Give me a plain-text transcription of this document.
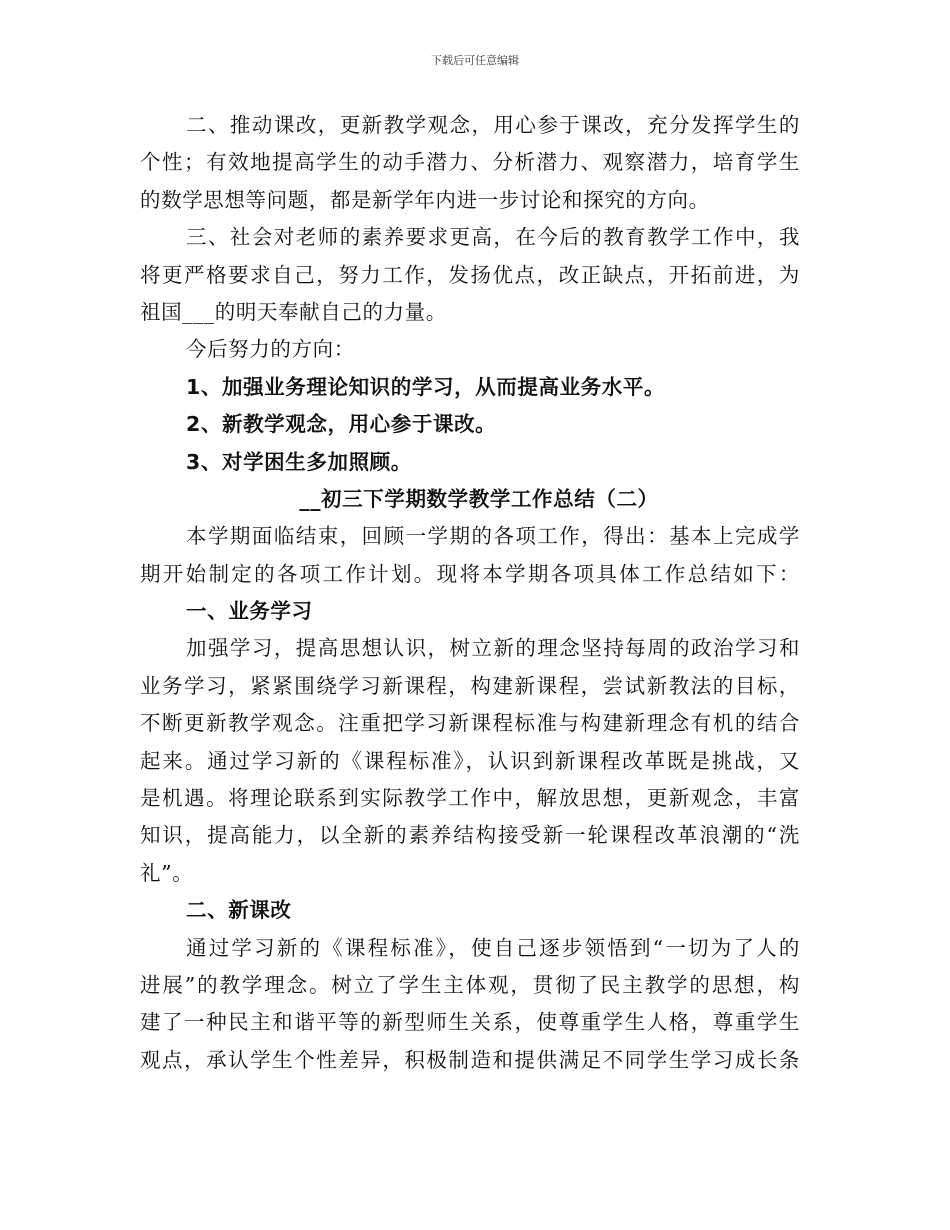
下载后可任意编辑
二、推动课改，更新教学观念，用心参于课改，充分发挥学生的
个性；有效地提高学生的动手潜力、分析潜力、观察潜力，培育学生
的数学思想等问题，都是新学年内进一步讨论和探究的方向。
三、社会对老师的素养要求更高，在今后的教育教学工作中，我
将更严格要求自己，努力工作，发扬优点，改正缺点，开拓前进，为
祖国___的明天奉献自己的力量。
今后努力的方向：
1、加强业务理论知识的学习，从而提高业务水平。
2、新教学观念，用心参于课改。
3、对学困生多加照顾。
__初三下学期数学教学工作总结（二）
本学期面临结束，回顾一学期的各项工作，得出：基本上完成学
期开始制定的各项工作计划。现将本学期各项具体工作总结如下：
一、业务学习
加强学习，提高思想认识，树立新的理念坚持每周的政治学习和
业务学习，紧紧围绕学习新课程，构建新课程，尝试新教法的目标，
不断更新教学观念。注重把学习新课程标准与构建新理念有机的结合
起来。通过学习新的《课程标准》，认识到新课程改革既是挑战，又
是机遇。将理论联系到实际教学工作中，解放思想，更新观念，丰富
知识，提高能力，以全新的素养结构接受新一轮课程改革浪潮的“洗
礼”。
二、新课改
通过学习新的《课程标准》，使自己逐步领悟到“一切为了人的
进展”的教学理念。树立了学生主体观，贯彻了民主教学的思想，构
建了一种民主和谐平等的新型师生关系，使尊重学生人格，尊重学生
观点，承认学生个性差异，积极制造和提供满足不同学生学习成长条
